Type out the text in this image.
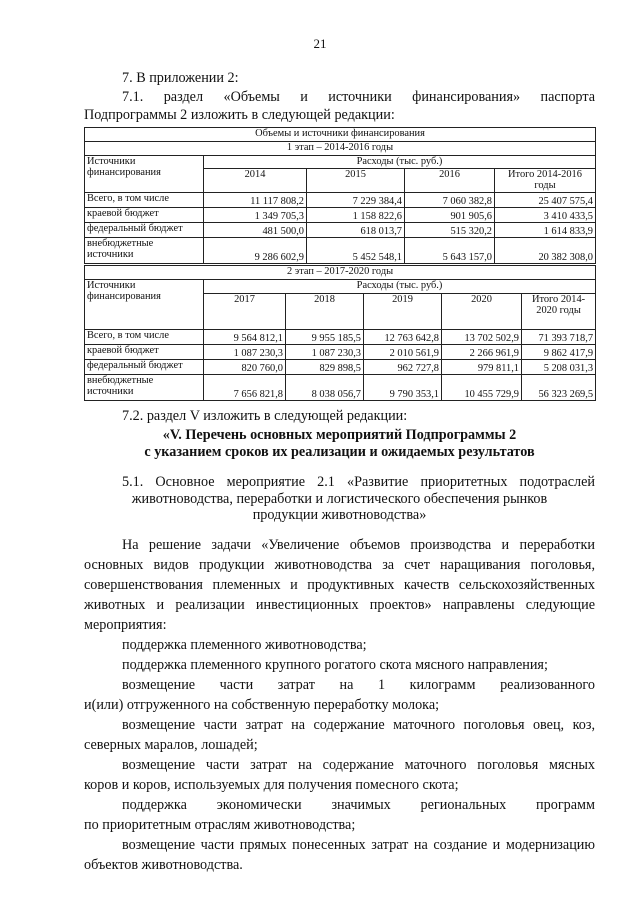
21
7. В приложении 2:
7.1. раздел «Объемы и источники финансирования» паспорта
Подпрограммы 2 изложить в следующей редакции:
Объемы и источники финансирования				
1 этап – 2014-2016 годы				
Источники финансирования	Расходы (тыс. руб.)			
	2014	2015	2016	Итого 2014-2016 годы
Всего, в том числе	11 117 808,2	7 229 384,4	7 060 382,8	25 407 575,4
краевой бюджет	1 349 705,3	1 158 822,6	901 905,6	3 410 433,5
федеральный бюджет	481 500,0	618 013,7	515 320,2	1 614 833,9
внебюджетные источники	9 286 602,9	5 452 548,1	5 643 157,0	20 382 308,0
2 этап – 2017-2020 годы					
Источники финансирования	Расходы (тыс. руб.)				
	2017	2018	2019	2020	Итого 2014-2020 годы
Всего, в том числе	9 564 812,1	9 955 185,5	12 763 642,8	13 702 502,9	71 393 718,7
краевой бюджет	1 087 230,3	1 087 230,3	2 010 561,9	2 266 961,9	9 862 417,9
федеральный бюджет	820 760,0	829 898,5	962 727,8	979 811,1	5 208 031,3
внебюджетные источники	7 656 821,8	8 038 056,7	9 790 353,1	10 455 729,9	56 323 269,5
7.2. раздел V изложить в следующей редакции:
«V. Перечень основных мероприятий Подпрограммы 2
с указанием сроков их реализации и ожидаемых результатов
5.1. Основное мероприятие 2.1 «Развитие приоритетных подотраслей
животноводства, переработки и логистического обеспечения рынков
продукции животноводства»
На решение задачи «Увеличение объемов производства и переработки
основных видов продукции животноводства за счет наращивания поголовья,
совершенствования племенных и продуктивных качеств сельскохозяйственных
животных и реализации инвестиционных проектов» направлены следующие
мероприятия:
поддержка племенного животноводства;
поддержка племенного крупного рогатого скота мясного направления;
возмещение части затрат на 1 килограмм реализованного
и(или) отгруженного на собственную переработку молока;
возмещение части затрат на содержание маточного поголовья овец, коз,
северных маралов, лошадей;
возмещение части затрат на содержание маточного поголовья мясных
коров и коров, используемых для получения помесного скота;
поддержка экономически значимых региональных программ
по приоритетным отраслям животноводства;
возмещение части прямых понесенных затрат на создание и модернизацию
объектов животноводства.
